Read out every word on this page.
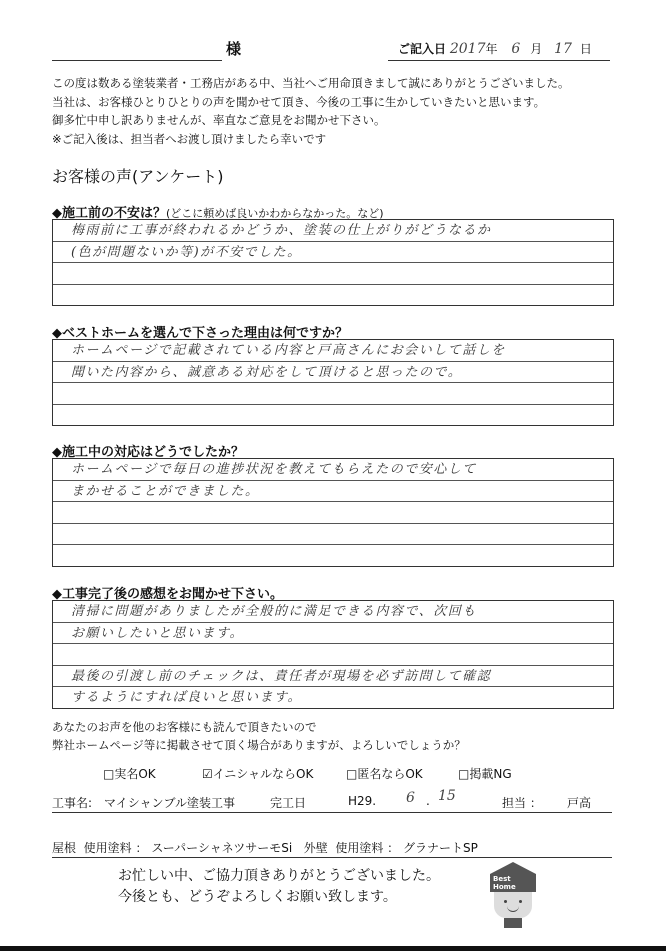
様	ご記入日 2017年 6 月 17 日
この度は数ある塗装業者・工務店がある中、当社へご用命頂きまして誠にありがとうございました。
当社は、お客様ひとりひとりの声を聞かせて頂き、今後の工事に生かしていきたいと思います。
御多忙中申し訳ありませんが、率直なご意見をお聞かせ下さい。
※ご記入後は、担当者へお渡し頂けましたら幸いです
お客様の声(アンケート)
◆施工前の不安は？(どこに頼めば良いかわからなかった。など)
梅雨前に工事が終われるかどうか、塗装の仕上がりがどうなるか
(色が問題ないか等)が不安でした。
◆ベストホームを選んで下さった理由は何ですか？
ホームページで記載されている内容と戸高さんにお会いして話しを
聞いた内容から、誠意ある対応をして頂けると思ったので。
◆施工中の対応はどうでしたか？
ホームページで毎日の進捗状況を教えてもらえたので安心して
まかせることができました。
◆工事完了後の感想をお聞かせ下さい。
清掃に問題がありましたが全般的に満足できる内容で、次回も
お願いしたいと思います。
最後の引渡し前のチェックは、責任者が現場を必ず訪問して確認
するようにすれば良いと思います。
あなたのお声を他のお客様にも読んで頂きたいので
弊社ホームページ等に掲載させて頂く場合がありますが、よろしいでしょうか？
□実名OK	☑イニシャルならOK	□匿名ならOK	□掲載NG
工事名: マイシャンブル塗装工事	完工日	H29. 6 . 15	担当 ： 戸高
屋根 使用塗料 ： スーパーシャネツサーモSi 外壁 使用塗料 ： グラナートSP
お忙しい中、ご協力頂きありがとうございました。
今後とも、どうぞよろしくお願い致します。
Best
Home
